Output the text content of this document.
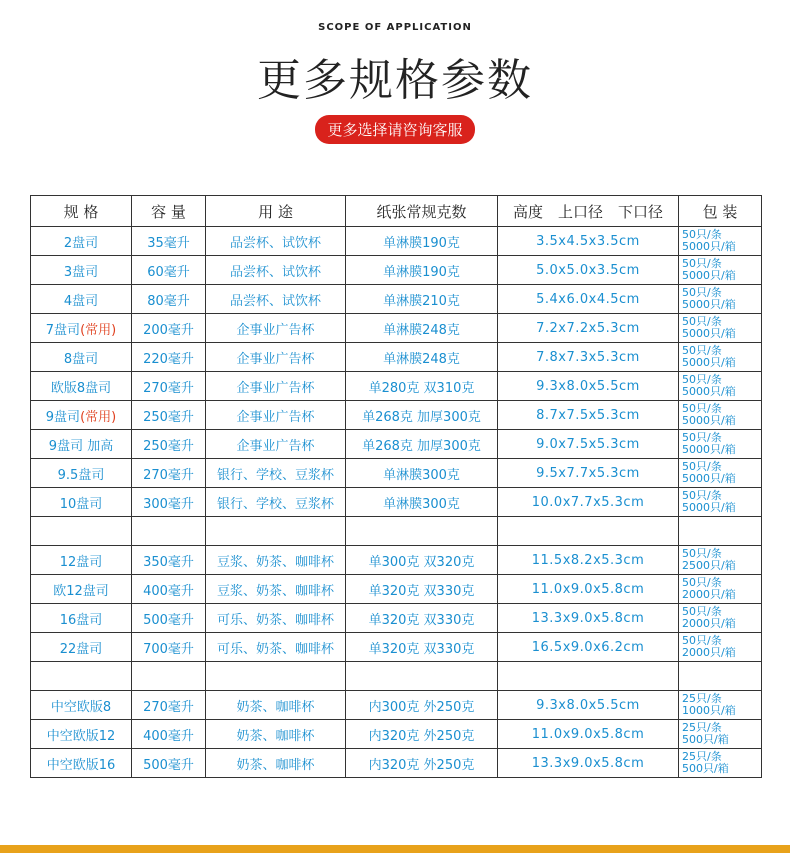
SCOPE OF APPLICATION
更多规格参数
更多选择请咨询客服
规 格	容 量	用 途	纸张常规克数	高度　上口径　下口径	包 装
2盘司	35毫升	品尝杯、试饮杯	单淋膜190克	3.5x4.5x3.5cm	50只/条
5000只/箱

3盘司	60毫升	品尝杯、试饮杯	单淋膜190克	5.0x5.0x3.5cm	50只/条
5000只/箱

4盘司	80毫升	品尝杯、试饮杯	单淋膜210克	5.4x6.0x4.5cm	50只/条
5000只/箱

7盘司(常用)	200毫升	企事业广告杯	单淋膜248克	7.2x7.2x5.3cm	50只/条
5000只/箱

8盘司	220毫升	企事业广告杯	单淋膜248克	7.8x7.3x5.3cm	50只/条
5000只/箱

欧版8盘司	270毫升	企事业广告杯	单280克 双310克	9.3x8.0x5.5cm	50只/条
5000只/箱

9盘司(常用)	250毫升	企事业广告杯	单268克 加厚300克	8.7x7.5x5.3cm	50只/条
5000只/箱

9盘司 加高	250毫升	企事业广告杯	单268克 加厚300克	9.0x7.5x5.3cm	50只/条
5000只/箱

9.5盘司	270毫升	银行、学校、豆浆杯	单淋膜300克	9.5x7.7x5.3cm	50只/条
5000只/箱

10盘司	300毫升	银行、学校、豆浆杯	单淋膜300克	10.0x7.7x5.3cm	50只/条
5000只/箱

12盘司	350毫升	豆浆、奶茶、咖啡杯	单300克 双320克	11.5x8.2x5.3cm	50只/条
2500只/箱

欧12盘司	400毫升	豆浆、奶茶、咖啡杯	单320克 双330克	11.0x9.0x5.8cm	50只/条
2000只/箱

16盘司	500毫升	可乐、奶茶、咖啡杯	单320克 双330克	13.3x9.0x5.8cm	50只/条
2000只/箱

22盘司	700毫升	可乐、奶茶、咖啡杯	单320克 双330克	16.5x9.0x6.2cm	50只/条
2000只/箱

中空欧版8	270毫升	奶茶、咖啡杯	内300克 外250克	9.3x8.0x5.5cm	25只/条
1000只/箱

中空欧版12	400毫升	奶茶、咖啡杯	内320克 外250克	11.0x9.0x5.8cm	25只/条
500只/箱

中空欧版16	500毫升	奶茶、咖啡杯	内320克 外250克	13.3x9.0x5.8cm	25只/条
500只/箱
